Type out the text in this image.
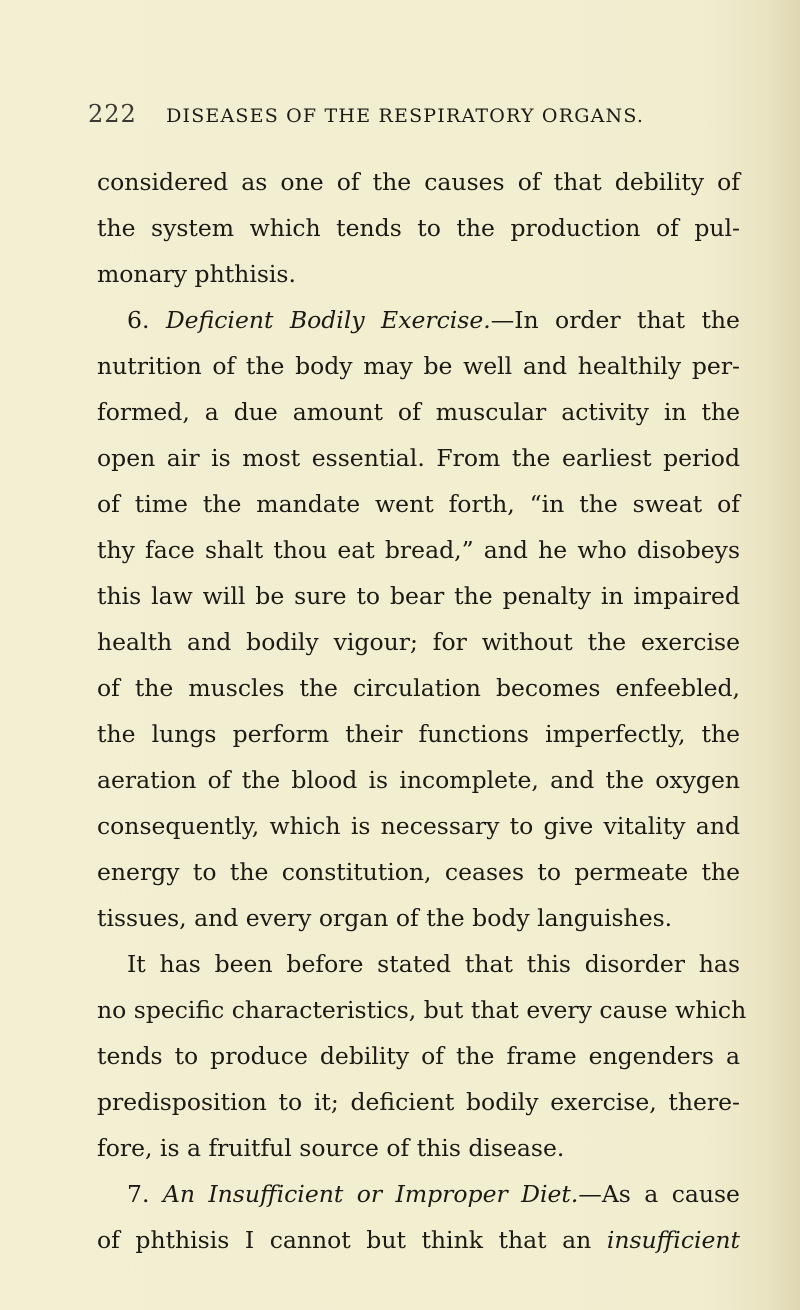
222 DISEASES OF THE RESPIRATORY ORGANS.
considered as one of the causes of that debility of
the system which tends to the production of pul-
monary phthisis.
6. Deficient Bodily Exercise.—In order that the
nutrition of the body may be well and healthily per-
formed, a due amount of muscular activity in the
open air is most essential. From the earliest period
of time the mandate went forth, “in the sweat of
thy face shalt thou eat bread,” and he who disobeys
this law will be sure to bear the penalty in impaired
health and bodily vigour; for without the exercise
of the muscles the circulation becomes enfeebled,
the lungs perform their functions imperfectly, the
aeration of the blood is incomplete, and the oxygen
consequently, which is necessary to give vitality and
energy to the constitution, ceases to permeate the
tissues, and every organ of the body languishes.
It has been before stated that this disorder has
no specific characteristics, but that every cause which
tends to produce debility of the frame engenders a
predisposition to it; deficient bodily exercise, there-
fore, is a fruitful source of this disease.
7. An Insufficient or Improper Diet.—As a cause
of phthisis I cannot but think that an insufficient
